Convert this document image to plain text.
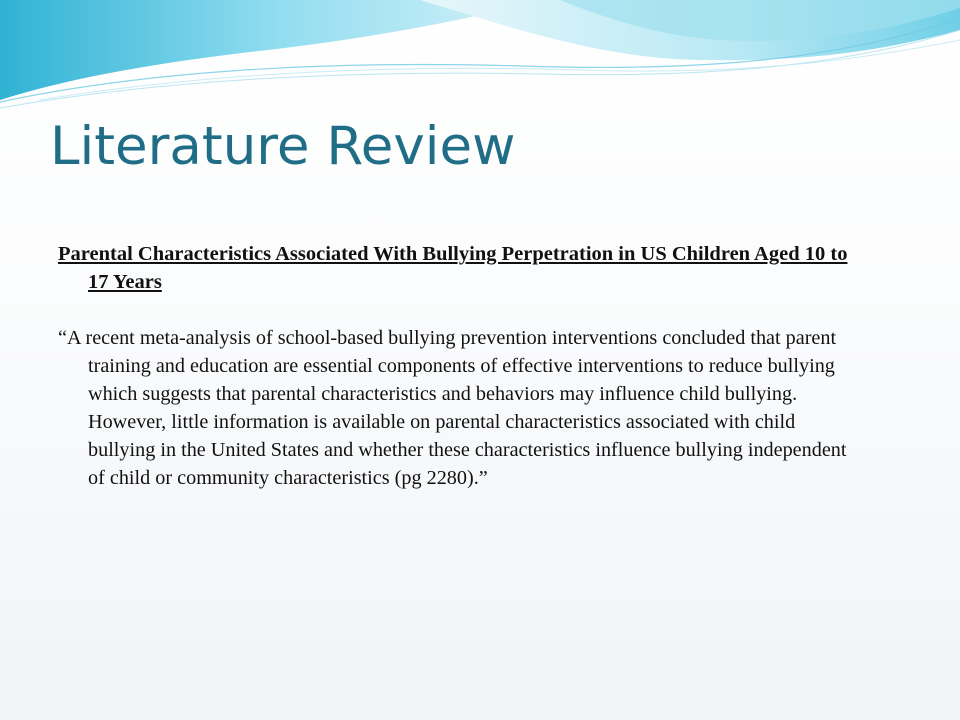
Literature Review

Parental Characteristics Associated With Bullying Perpetration in US Children Aged 10 to 17 Years

“A recent meta-analysis of school-based bullying prevention interventions concluded that parent training and education are essential components of effective interventions to reduce bullying which suggests that parental characteristics and behaviors may influence child bullying. However, little information is available on parental characteristics associated with child bullying in the United States and whether these characteristics influence bullying independent of child or community characteristics (pg 2280).”
